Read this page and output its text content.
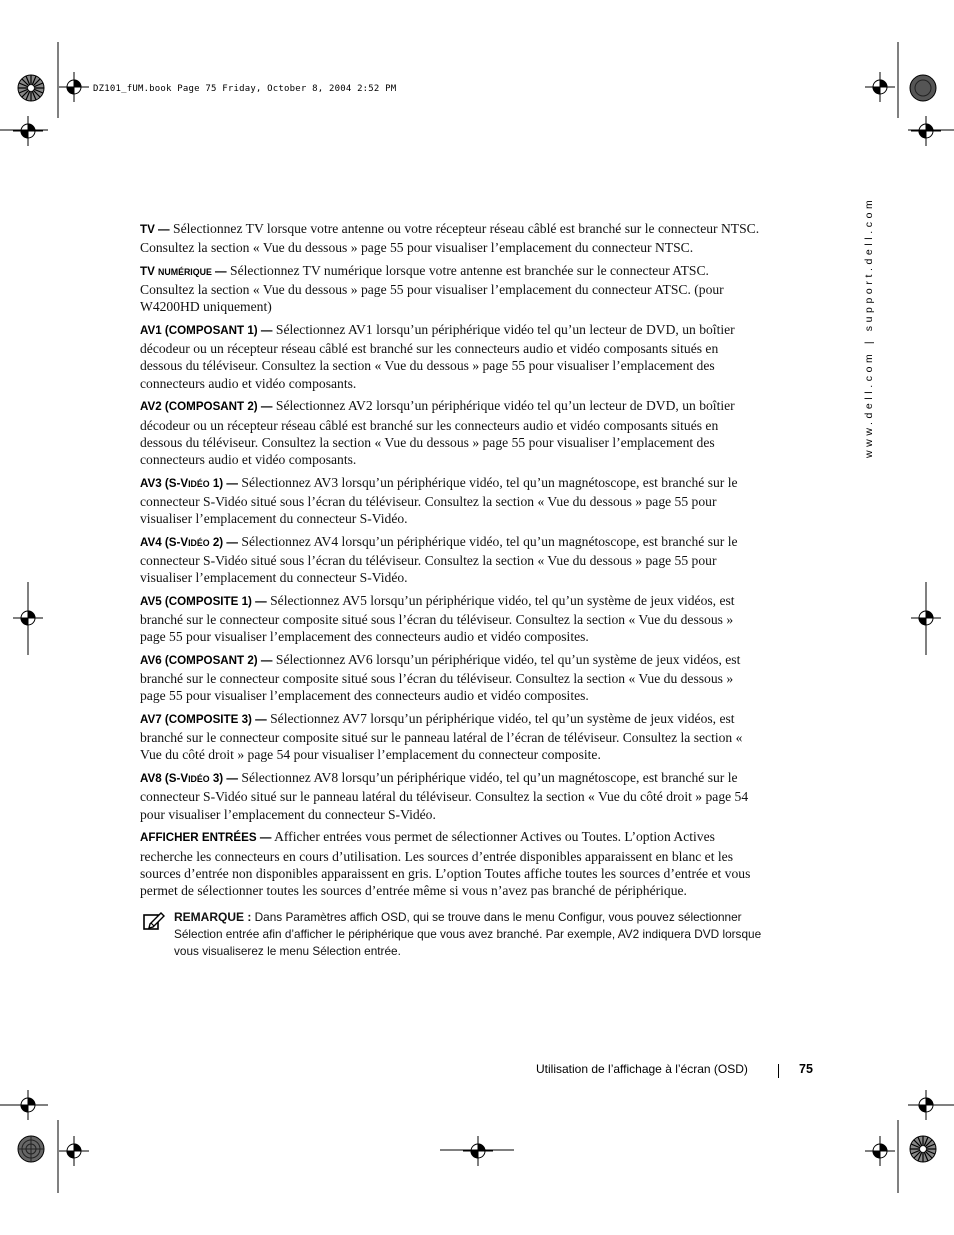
DZ101_fUM.book Page 75 Friday, October 8, 2004 2:52 PM
www.dell.com | support.dell.com

TV — Sélectionnez TV lorsque votre antenne ou votre récepteur réseau câblé est branché sur le connecteur NTSC. Consultez la section « Vue du dessous » page 55 pour visualiser l’emplacement du connecteur NTSC.

TV NUMÉRIQUE — Sélectionnez TV numérique lorsque votre antenne est branchée sur le connecteur ATSC. Consultez la section « Vue du dessous » page 55 pour visualiser l’emplacement du connecteur ATSC. (pour W4200HD uniquement)

AV1 (COMPOSANT 1) — Sélectionnez AV1 lorsqu’un périphérique vidéo tel qu’un lecteur de DVD, un boîtier décodeur ou un récepteur réseau câblé est branché sur les connecteurs audio et vidéo composants situés en dessous du téléviseur. Consultez la section « Vue du dessous » page 55 pour visualiser l’emplacement des connecteurs audio et vidéo composants.

AV2 (COMPOSANT 2) — Sélectionnez AV2 lorsqu’un périphérique vidéo tel qu’un lecteur de DVD, un boîtier décodeur ou un récepteur réseau câblé est branché sur les connecteurs audio et vidéo composants situés en dessous du téléviseur. Consultez la section « Vue du dessous » page 55 pour visualiser l’emplacement des connecteurs audio et vidéo composants.

AV3 (S-VIDÉO 1) — Sélectionnez AV3 lorsqu’un périphérique vidéo, tel qu’un magnétoscope, est branché sur le connecteur S-Vidéo situé sous l’écran du téléviseur. Consultez la section « Vue du dessous » page 55 pour visualiser l’emplacement du connecteur S-Vidéo.

AV4 (S-VIDÉO 2) — Sélectionnez AV4 lorsqu’un périphérique vidéo, tel qu’un magnétoscope, est branché sur le connecteur S-Vidéo situé sous l’écran du téléviseur. Consultez la section « Vue du dessous » page 55 pour visualiser l’emplacement du connecteur S-Vidéo.

AV5 (COMPOSITE 1) — Sélectionnez AV5 lorsqu’un périphérique vidéo, tel qu’un système de jeux vidéos, est branché sur le connecteur composite situé sous l’écran du téléviseur. Consultez la section « Vue du dessous » page 55 pour visualiser l’emplacement des connecteurs audio et vidéo composites.

AV6 (COMPOSANT 2) — Sélectionnez AV6 lorsqu’un périphérique vidéo, tel qu’un système de jeux vidéos, est branché sur le connecteur composite situé sous l’écran du téléviseur. Consultez la section « Vue du dessous » page 55 pour visualiser l’emplacement des connecteurs audio et vidéo composites.

AV7 (COMPOSITE 3) — Sélectionnez AV7 lorsqu’un périphérique vidéo, tel qu’un système de jeux vidéos, est branché sur le connecteur composite situé sur le panneau latéral de l’écran de téléviseur. Consultez la section « Vue du côté droit » page 54 pour visualiser l’emplacement du connecteur composite.

AV8 (S-VIDÉO 3) — Sélectionnez AV8 lorsqu’un périphérique vidéo, tel qu’un magnétoscope, est branché sur le connecteur S-Vidéo situé sur le panneau latéral du téléviseur. Consultez la section « Vue du côté droit » page 54 pour visualiser l’emplacement du connecteur S-Vidéo.

AFFICHER ENTRÉES — Afficher entrées vous permet de sélectionner Actives ou Toutes. L’option Actives recherche les connecteurs en cours d’utilisation. Les sources d’entrée disponibles apparaissent en blanc et les sources d’entrée non disponibles apparaissent en gris. L’option Toutes affiche toutes les sources d’entrée et vous permet de sélectionner toutes les sources d’entrée même si vous n’avez pas branché de périphérique.

REMARQUE : Dans Paramètres affich OSD, qui se trouve dans le menu Configur, vous pouvez sélectionner Sélection entrée afin d’afficher le périphérique que vous avez branché. Par exemple, AV2 indiquera DVD lorsque vous visualiserez le menu Sélection entrée.
Utilisation de l’affichage à l’écran (OSD)	75
